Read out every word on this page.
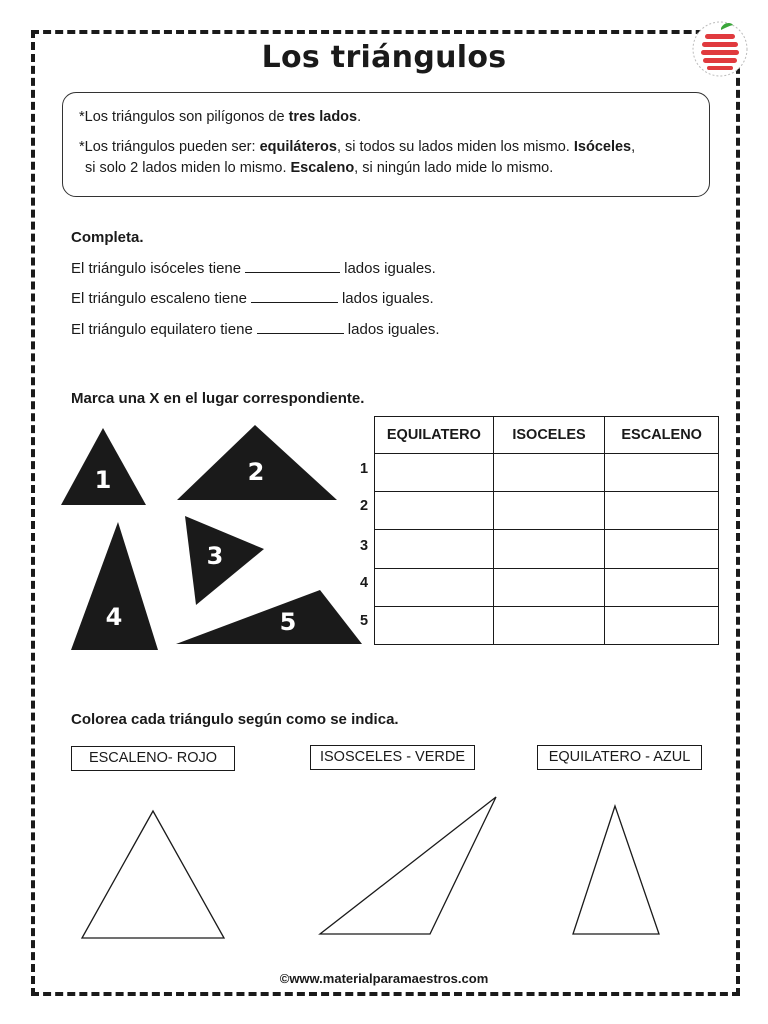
Los triángulos

*Los triángulos son pilígonos de tres lados.

*Los triángulos pueden ser: equiláteros, si todos su lados miden los mismo. Isóceles,
si solo 2 lados miden lo mismo. Escaleno, si ningún lado mide lo mismo.

Completa.
El triángulo isóceles tiene	lados iguales.
El triángulo escaleno tiene	lados iguales.
El triángulo equilatero tiene	lados iguales.
Marca una X en el lugar correspondiente.
1	2
3
4	5
EQUILATERO	ISOCELES	ESCALENO

1
2
3
4
5
Colorea cada triángulo según como se indica.
ESCALENO- ROJO	ISOSCELES - VERDE	EQUILATERO - AZUL
©www.materialparamaestros.com
